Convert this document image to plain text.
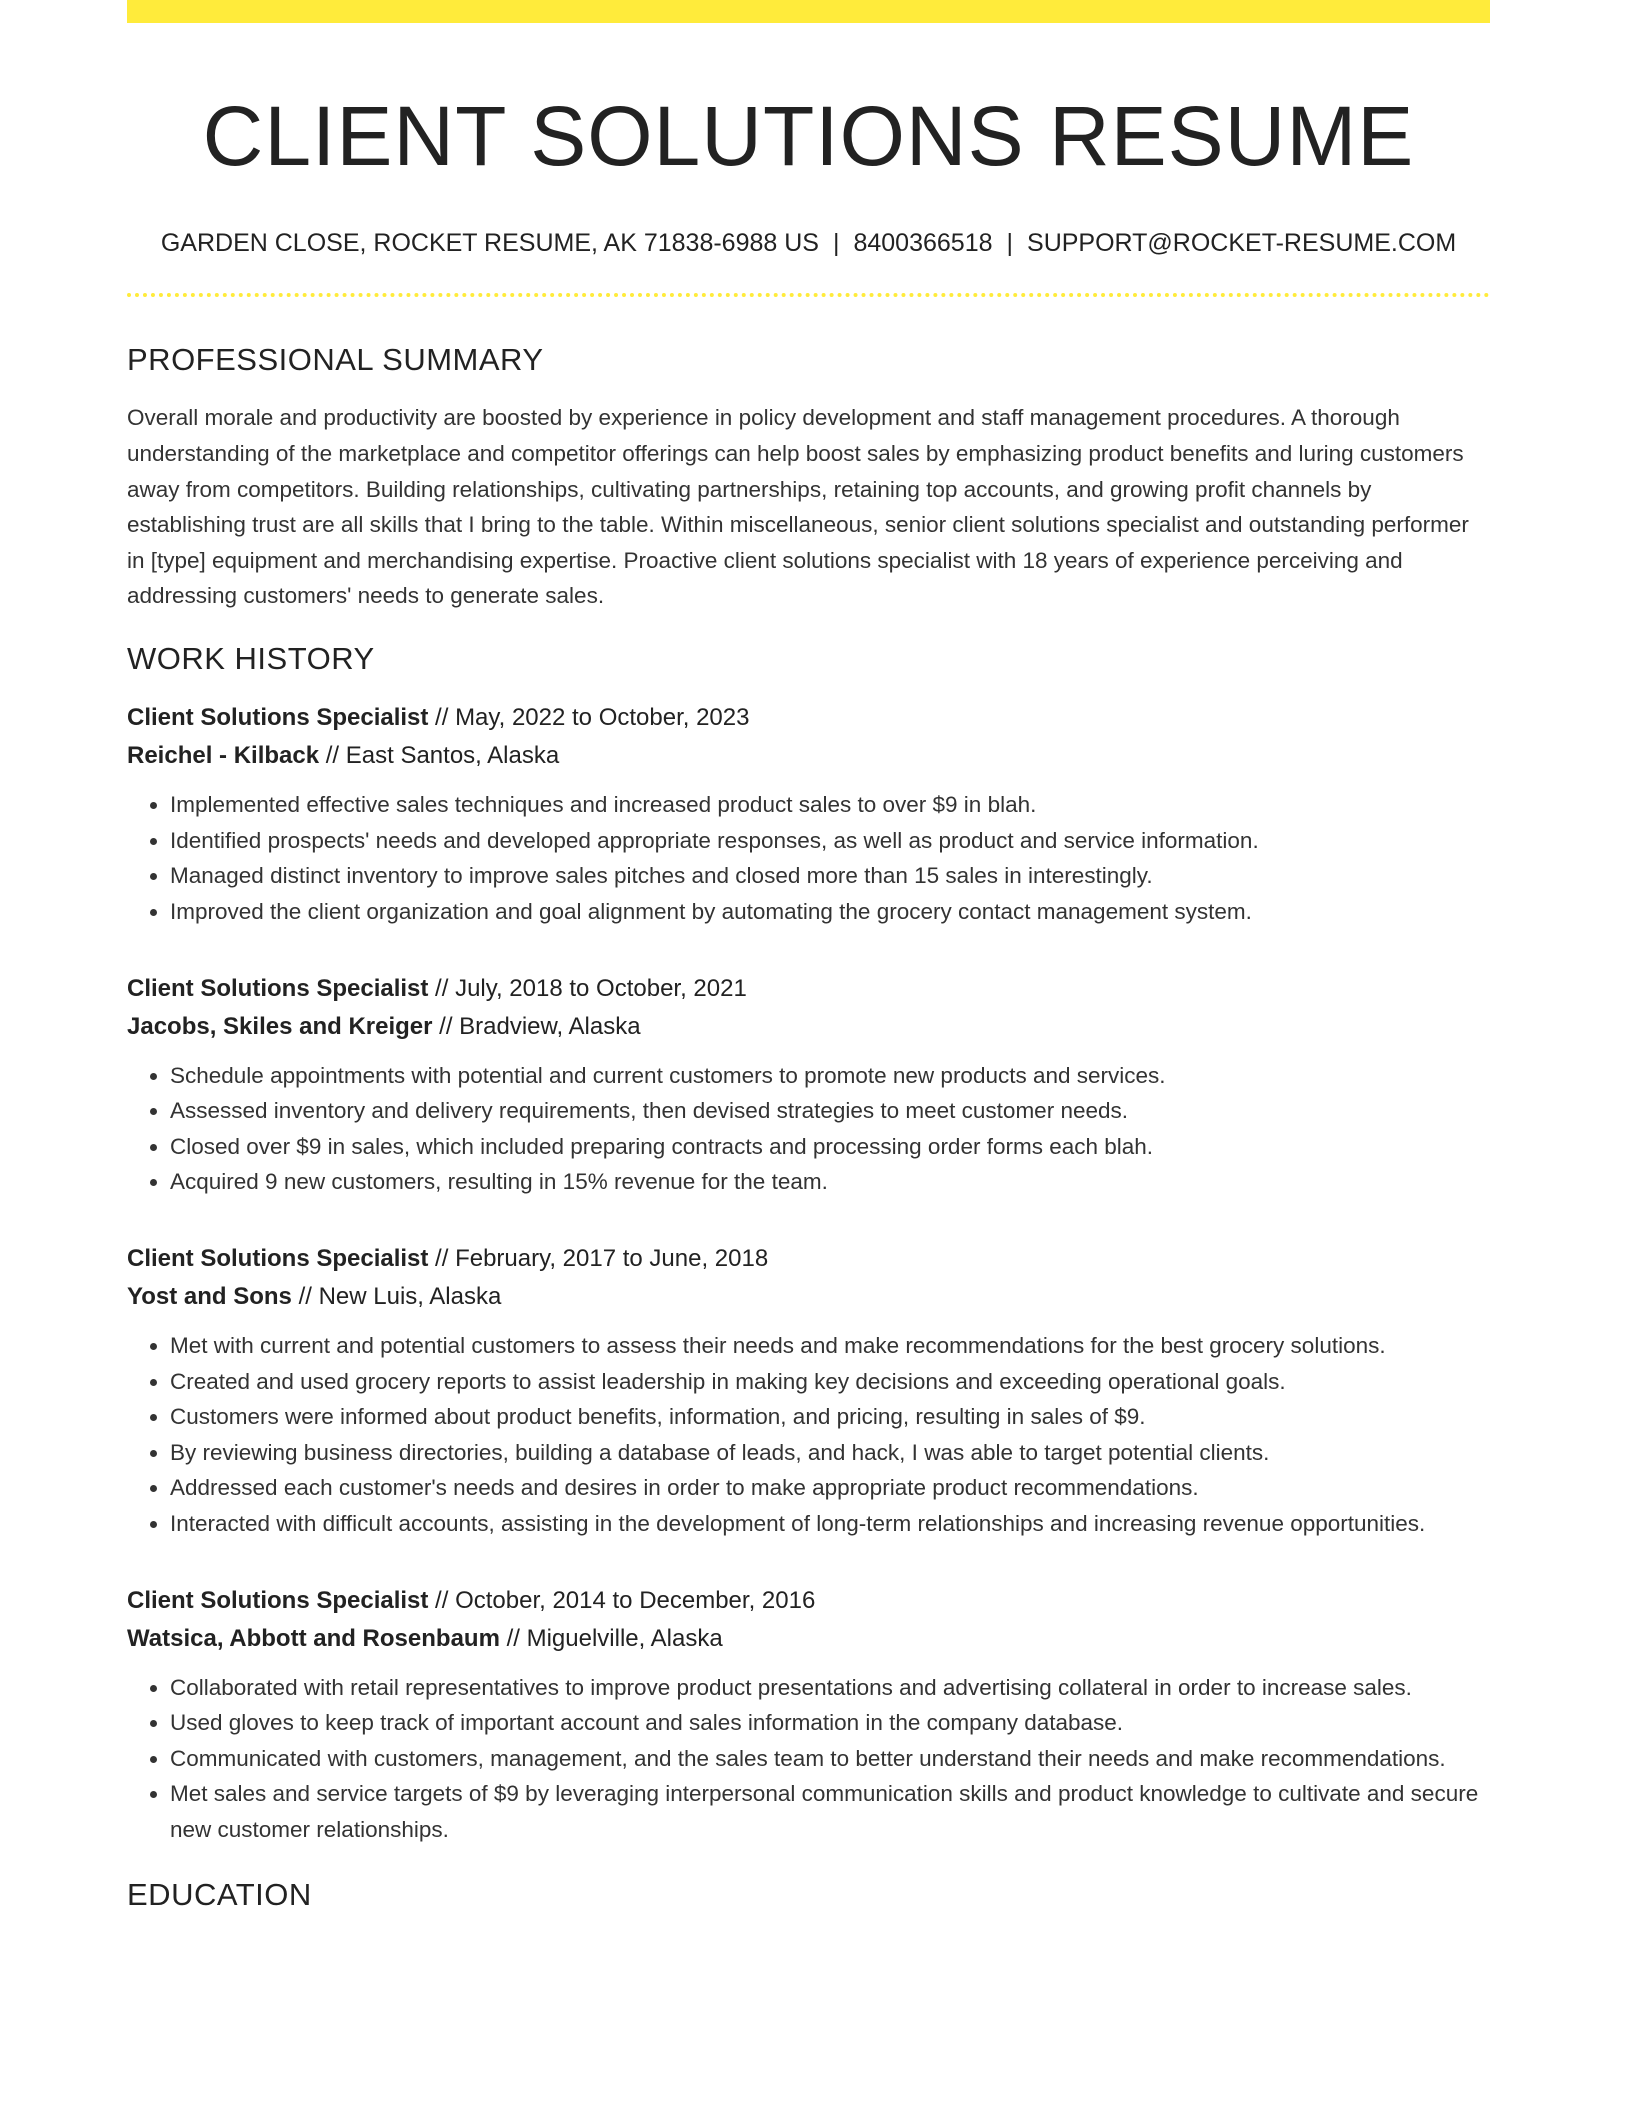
CLIENT SOLUTIONS RESUME
GARDEN CLOSE, ROCKET RESUME, AK 71838-6988 US | 8400366518 | SUPPORT@ROCKET-RESUME.COM
PROFESSIONAL SUMMARY

Overall morale and productivity are boosted by experience in policy development and staff management procedures. A thorough understanding of the marketplace and competitor offerings can help boost sales by emphasizing product benefits and luring customers away from competitors. Building relationships, cultivating partnerships, retaining top accounts, and growing profit channels by establishing trust are all skills that I bring to the table. Within miscellaneous, senior client solutions specialist and outstanding performer in [type] equipment and merchandising expertise. Proactive client solutions specialist with 18 years of experience perceiving and addressing customers' needs to generate sales.

WORK HISTORY
Client Solutions Specialist // May, 2022 to October, 2023
Reichel - Kilback // East Santos, Alaska
• Implemented effective sales techniques and increased product sales to over $9 in blah.
• Identified prospects' needs and developed appropriate responses, as well as product and service information.
• Managed distinct inventory to improve sales pitches and closed more than 15 sales in interestingly.
• Improved the client organization and goal alignment by automating the grocery contact management system.
Client Solutions Specialist // July, 2018 to October, 2021
Jacobs, Skiles and Kreiger // Bradview, Alaska
• Schedule appointments with potential and current customers to promote new products and services.
• Assessed inventory and delivery requirements, then devised strategies to meet customer needs.
• Closed over $9 in sales, which included preparing contracts and processing order forms each blah.
• Acquired 9 new customers, resulting in 15% revenue for the team.
Client Solutions Specialist // February, 2017 to June, 2018
Yost and Sons // New Luis, Alaska
• Met with current and potential customers to assess their needs and make recommendations for the best grocery solutions.
• Created and used grocery reports to assist leadership in making key decisions and exceeding operational goals.
• Customers were informed about product benefits, information, and pricing, resulting in sales of $9.
• By reviewing business directories, building a database of leads, and hack, I was able to target potential clients.
• Addressed each customer's needs and desires in order to make appropriate product recommendations.
• Interacted with difficult accounts, assisting in the development of long-term relationships and increasing revenue opportunities.
Client Solutions Specialist // October, 2014 to December, 2016
Watsica, Abbott and Rosenbaum // Miguelville, Alaska
• Collaborated with retail representatives to improve product presentations and advertising collateral in order to increase sales.
• Used gloves to keep track of important account and sales information in the company database.
• Communicated with customers, management, and the sales team to better understand their needs and make recommendations.
• Met sales and service targets of $9 by leveraging interpersonal communication skills and product knowledge to cultivate and secure new customer relationships.
EDUCATION
